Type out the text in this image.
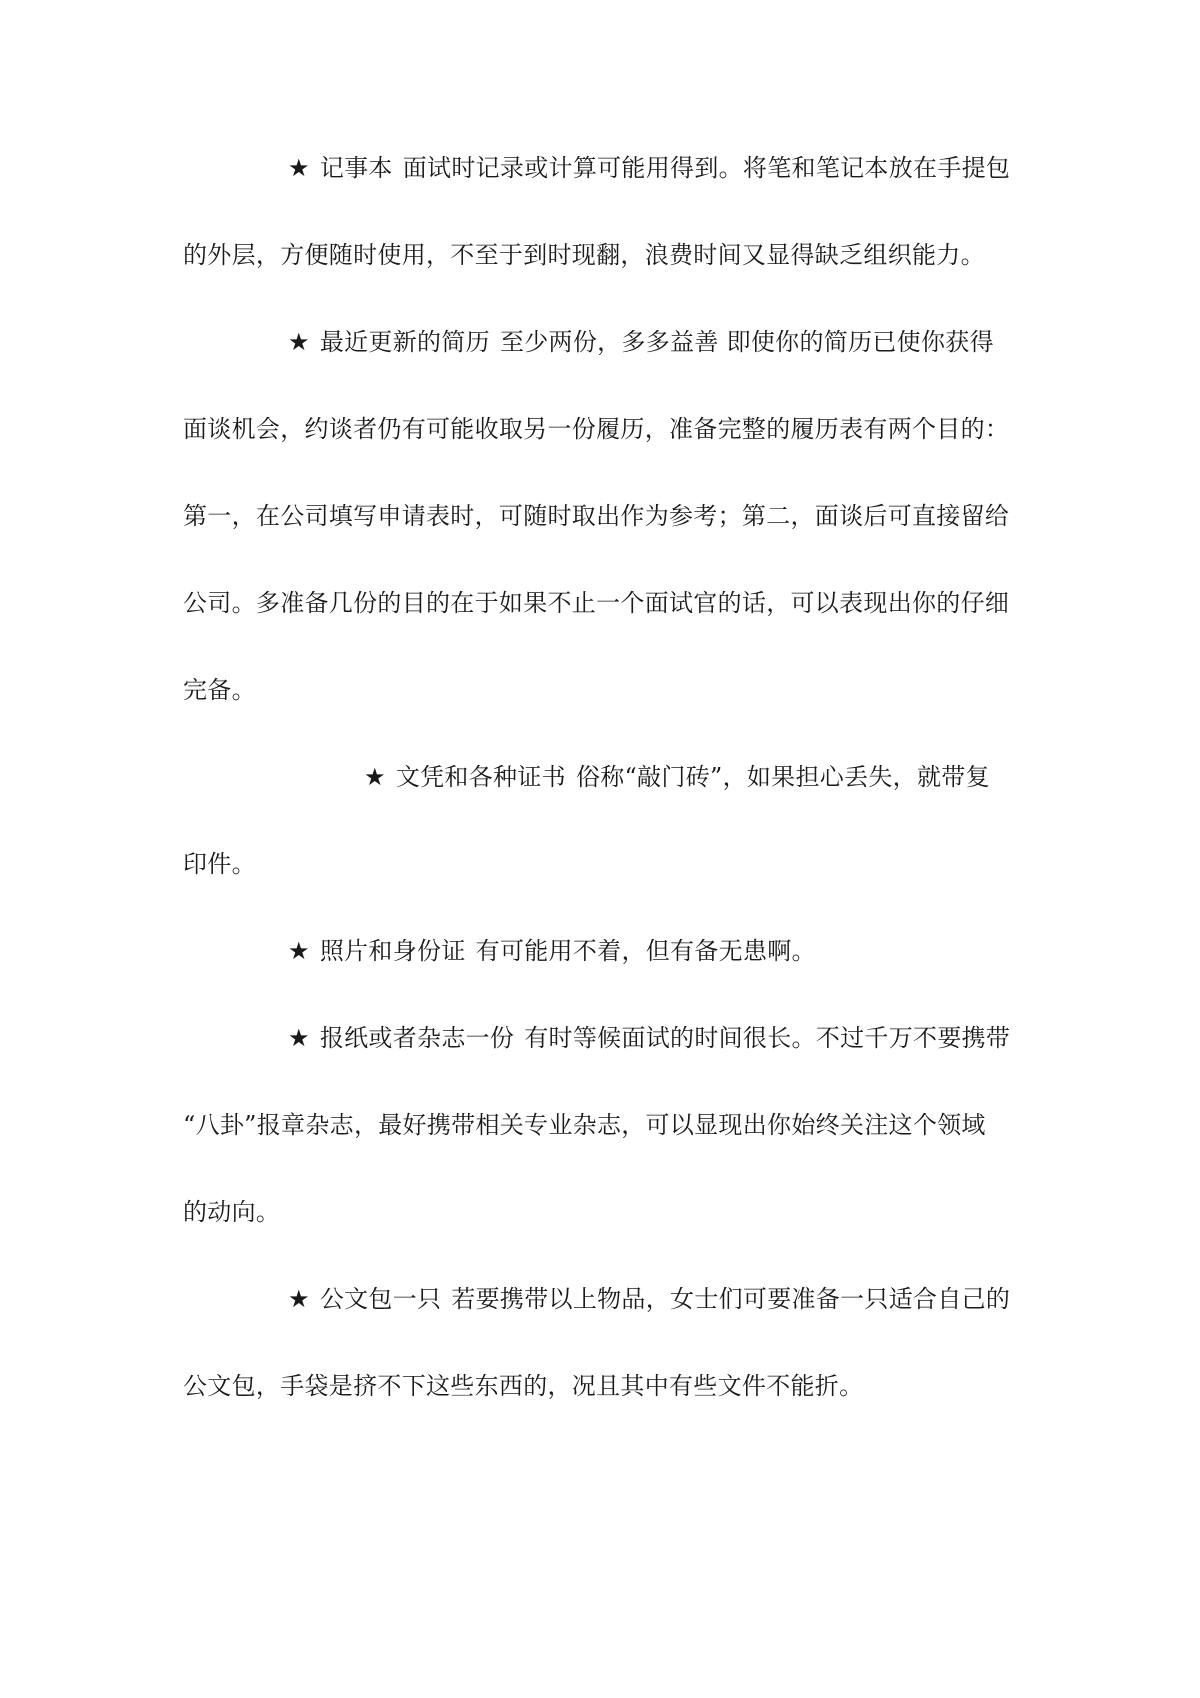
★ 记事本 面试时记录或计算可能用得到。将笔和笔记本放在手提包
的外层，方便随时使用，不至于到时现翻，浪费时间又显得缺乏组织能力。
★ 最近更新的简历 至少两份，多多益善 即使你的简历已使你获得
面谈机会，约谈者仍有可能收取另一份履历，准备完整的履历表有两个目的：
第一，在公司填写申请表时，可随时取出作为参考；第二，面谈后可直接留给
公司。多准备几份的目的在于如果不止一个面试官的话，可以表现出你的仔细
完备。
★ 文凭和各种证书 俗称“敲门砖”，如果担心丢失，就带复
印件。
★ 照片和身份证 有可能用不着，但有备无患啊。
★ 报纸或者杂志一份 有时等候面试的时间很长。不过千万不要携带
“八卦”报章杂志，最好携带相关专业杂志，可以显现出你始终关注这个领域
的动向。
★ 公文包一只 若要携带以上物品，女士们可要准备一只适合自己的
公文包，手袋是挤不下这些东西的，况且其中有些文件不能折。
